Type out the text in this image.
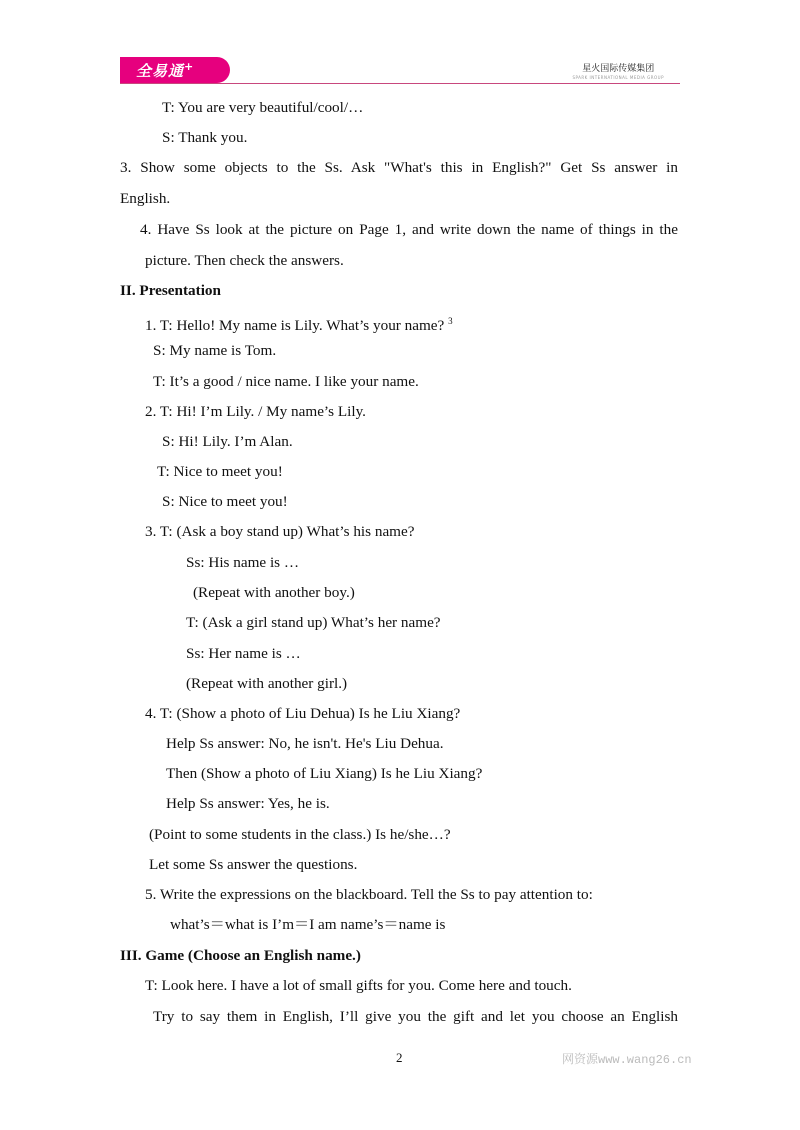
全易通+	星火国际传媒集团
SPARK INTERNATIONAL MEDIA GROUP
T: You are very beautiful/cool/…
S: Thank you.
3. Show some objects to the Ss. Ask "What's this in English?" Get Ss answer in
English.
4. Have Ss look at the picture on Page 1, and write down the name of things in the
picture. Then check the answers.
II. Presentation
1. T: Hello! My name is Lily. What’s your name? $^3$
S: My name is Tom.
T: It’s a good / nice name. I like your name.
2. T: Hi! I’m Lily. / My name’s Lily.
S: Hi! Lily. I’m Alan.
T: Nice to meet you!
S: Nice to meet you!
3. T: (Ask a boy stand up) What’s his name?
Ss: His name is …
(Repeat with another boy.)
T: (Ask a girl stand up) What’s her name?
Ss: Her name is …
(Repeat with another girl.)
4. T: (Show a photo of Liu Dehua) Is he Liu Xiang?
Help Ss answer: No, he isn't. He's Liu Dehua.
Then (Show a photo of Liu Xiang) Is he Liu Xiang?
Help Ss answer: Yes, he is.
(Point to some students in the class.) Is he/she…?
Let some Ss answer the questions.
5. Write the expressions on the blackboard. Tell the Ss to pay attention to:
what’s＝what is I’m＝I am name’s＝name is
III. Game (Choose an English name.)
T: Look here. I have a lot of small gifts for you. Come here and touch.
Try to say them in English, I’ll give you the gift and let you choose an English
2	网资源www.wang26.cn
